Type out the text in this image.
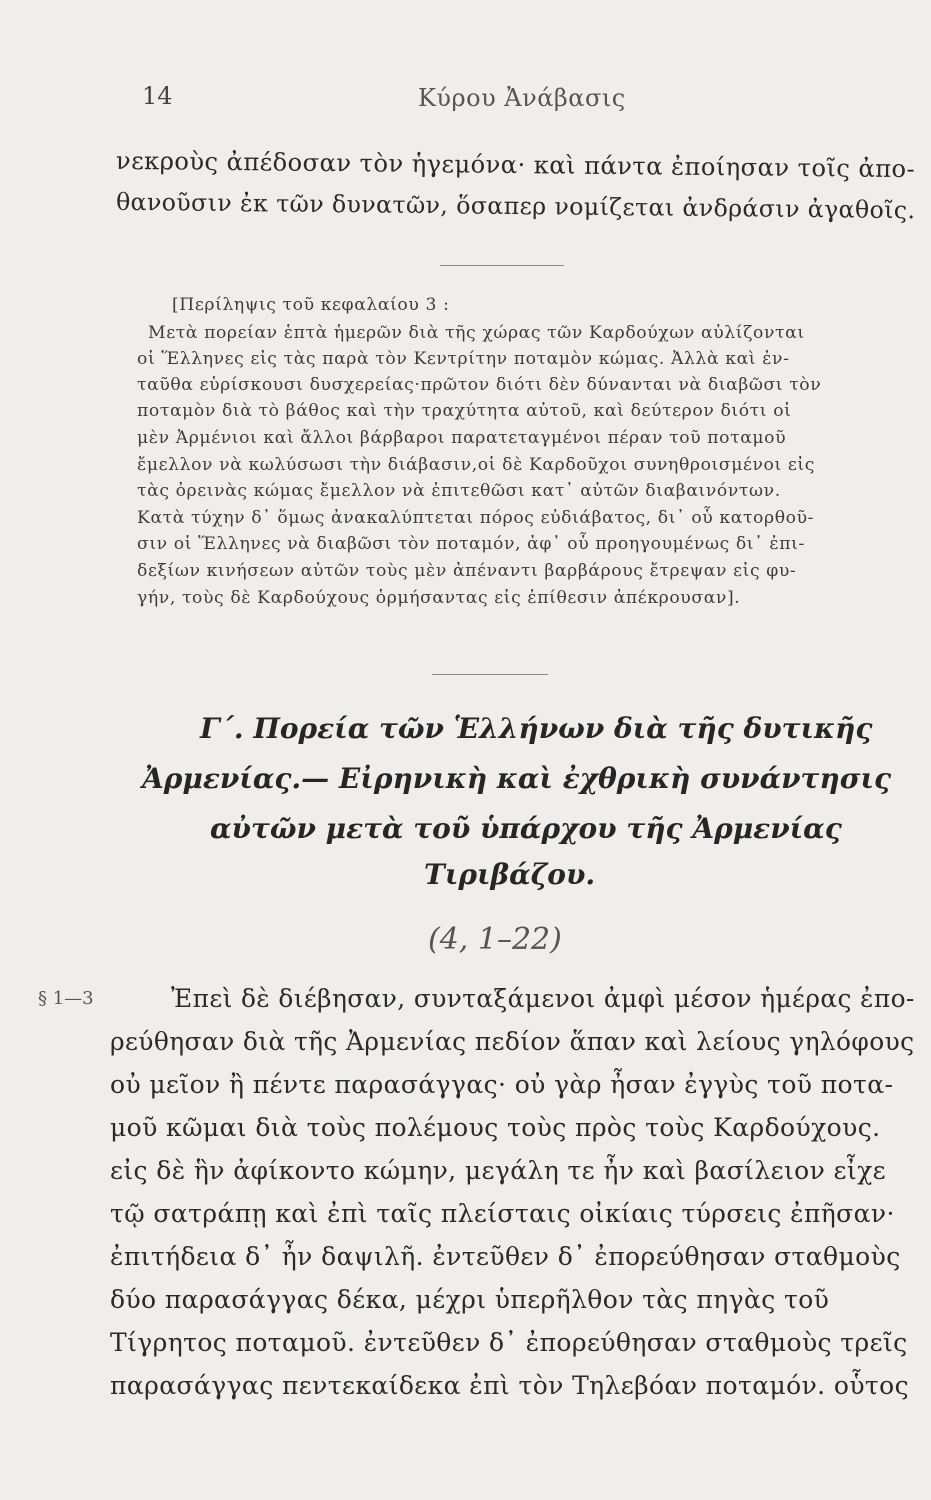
14	Κύρου Ἀνάβασις
νεκροὺς ἀπέδοσαν τὸν ἡγεμόνα· καὶ πάντα ἐποίησαν τοῖς ἀπο-
θανοῦσιν ἐκ τῶν δυνατῶν, ὅσαπερ νομίζεται ἀνδράσιν ἀγαθοῖς.
[Περίληψις τοῦ κεφαλαίου 3 :
Μετὰ πορείαν ἑπτὰ ἡμερῶν διὰ τῆς χώρας τῶν Καρδούχων αὐλίζονται
οἱ Ἕλληνες εἰς τὰς παρὰ τὸν Κεντρίτην ποταμὸν κώμας. Ἀλλὰ καὶ ἐν-
ταῦθα εὑρίσκουσι δυσχερείας·πρῶτον διότι δὲν δύνανται νὰ διαβῶσι τὸν
ποταμὸν διὰ τὸ βάθος καὶ τὴν τραχύτητα αὐτοῦ, καὶ δεύτερον διότι οἱ
μὲν Ἀρμένιοι καὶ ἄλλοι βάρβαροι παρατεταγμένοι πέραν τοῦ ποταμοῦ
ἔμελλον νὰ κωλύσωσι τὴν διάβασιν,οἱ δὲ Καρδοῦχοι συνηθροισμένοι εἰς
τὰς ὀρεινὰς κώμας ἔμελλον νὰ ἐπιτεθῶσι κατ᾽ αὐτῶν διαβαινόντων.
Κατὰ τύχην δ᾽ ὅμως ἀνακαλύπτεται πόρος εὐδιάβατος, δι᾽ οὗ κατορθοῦ-
σιν οἱ Ἕλληνες νὰ διαβῶσι τὸν ποταμόν, ἀφ᾽ οὗ προηγουμένως δι᾽ ἐπι-
δεξίων κινήσεων αὐτῶν τοὺς μὲν ἀπέναντι βαρβάρους ἔτρεψαν εἰς φυ-
γήν, τοὺς δὲ Καρδούχους ὁρμήσαντας εἰς ἐπίθεσιν ἀπέκρουσαν].
Γ΄. Πορεία τῶν Ἑλλήνων διὰ τῆς δυτικῆς
Ἀρμενίας.— Εἰρηνικὴ καὶ ἐχθρικὴ συνάντησις
αὐτῶν μετὰ τοῦ ὑπάρχου τῆς Ἀρμενίας
Τιριβάζου.
(4, 1–22)
§ 1—3	Ἐπεὶ δὲ διέβησαν, συνταξάμενοι ἀμφὶ μέσον ἡμέρας ἐπο-
ρεύθησαν διὰ τῆς Ἀρμενίας πεδίον ἅπαν καὶ λείους γηλόφους
οὐ μεῖον ἢ πέντε παρασάγγας· οὐ γὰρ ἦσαν ἐγγὺς τοῦ ποτα-
μοῦ κῶμαι διὰ τοὺς πολέμους τοὺς πρὸς τοὺς Καρδούχους.
εἰς δὲ ἣν ἀφίκοντο κώμην, μεγάλη τε ἦν καὶ βασίλειον εἶχε
τῷ σατράπῃ καὶ ἐπὶ ταῖς πλείσταις οἰκίαις τύρσεις ἐπῆσαν·
ἐπιτήδεια δ᾽ ἦν δαψιλῆ. ἐντεῦθεν δ᾽ ἐπορεύθησαν σταθμοὺς
δύο παρασάγγας δέκα, μέχρι ὑπερῆλθον τὰς πηγὰς τοῦ
Τίγρητος ποταμοῦ. ἐντεῦθεν δ᾽ ἐπορεύθησαν σταθμοὺς τρεῖς
παρασάγγας πεντεκαίδεκα ἐπὶ τὸν Τηλεβόαν ποταμόν. οὗτος
